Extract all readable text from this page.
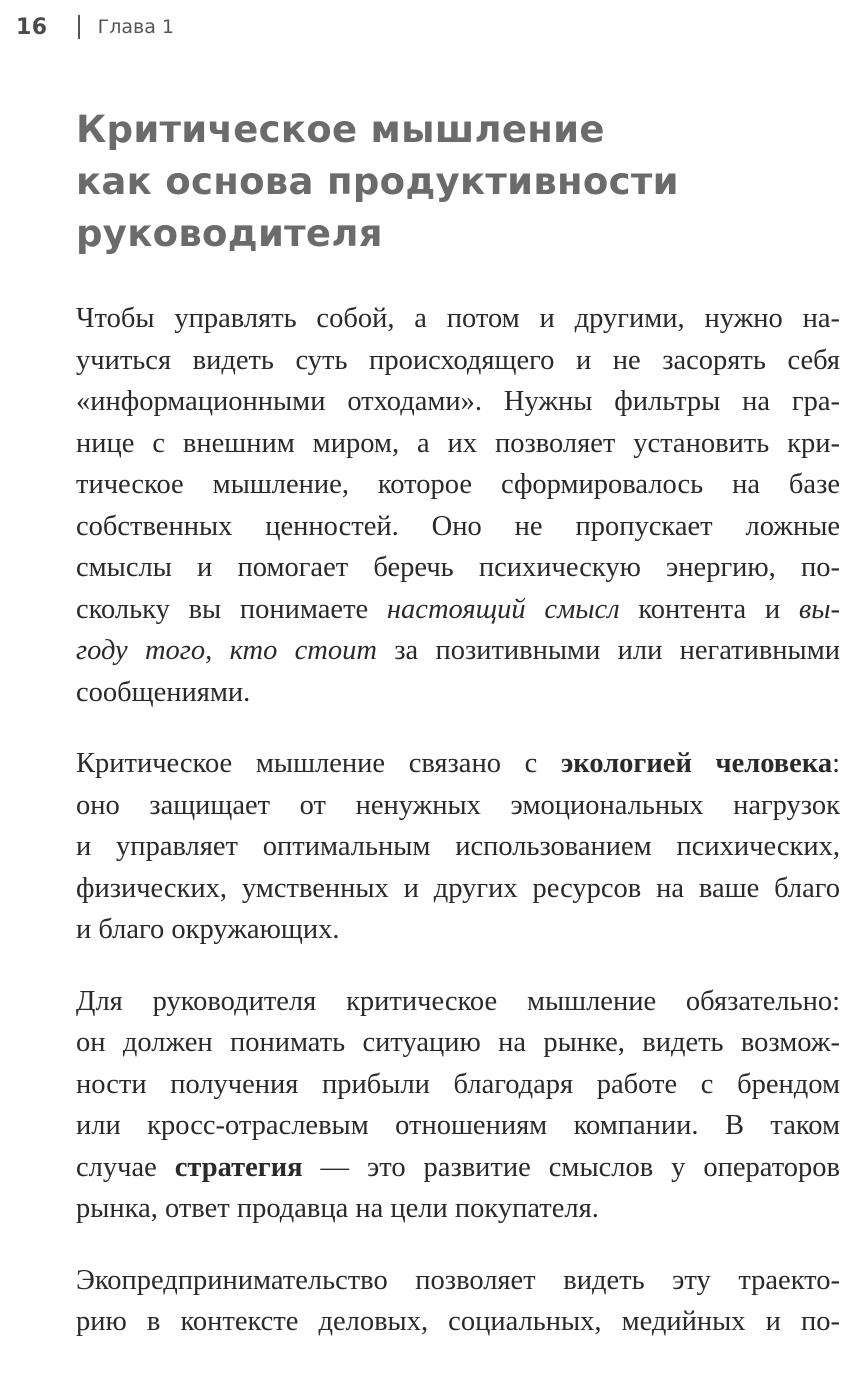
16	Глава 1
Критическое мышление
как основа продуктивности
руководителя

Чтобы управлять собой, а потом и другими, нужно на-
учиться видеть суть происходящего и не засорять себя
«информационными отходами». Нужны фильтры на гра-
нице с внешним миром, а их позволяет установить кри-
тическое мышление, которое сформировалось на базе
собственных ценностей. Оно не пропускает ложные
смыслы и помогает беречь психическую энергию, по-
скольку вы понимаете настоящий смысл контента и вы-
году того, кто стоит за позитивными или негативными
сообщениями.

Критическое мышление связано с экологией человека:
оно защищает от ненужных эмоциональных нагрузок
и управляет оптимальным использованием психических,
физических, умственных и других ресурсов на ваше благо
и благо окружающих.

Для руководителя критическое мышление обязательно:
он должен понимать ситуацию на рынке, видеть возмож-
ности получения прибыли благодаря работе с брендом
или кросс-отраслевым отношениям компании. В таком
случае стратегия — это развитие смыслов у операторов
рынка, ответ продавца на цели покупателя.

Экопредпринимательство позволяет видеть эту траекто-
рию в контексте деловых, социальных, медийных и по-
